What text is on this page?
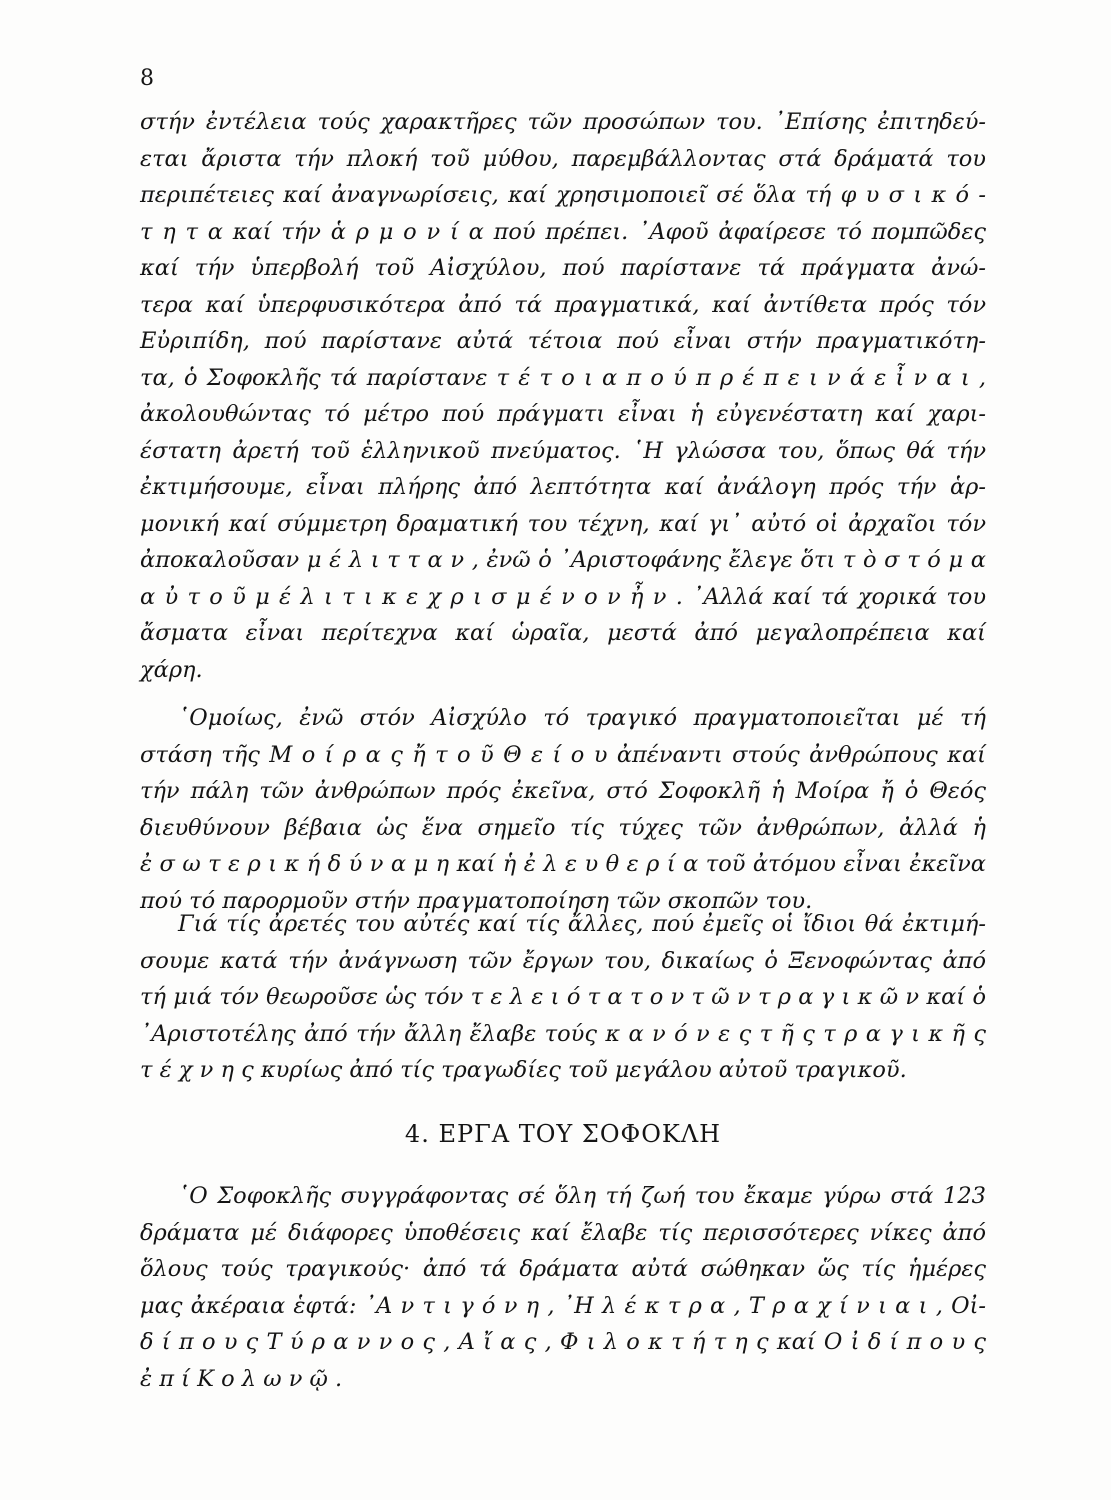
8
στήν ἐντέλεια τούς χαρακτῆρες τῶν προσώπων του. ᾿Επίσης ἐπιτηδεύ-
εται ἄριστα τήν πλοκή τοῦ μύθου, παρεμβάλλοντας στά δράματά του
περιπέτειες καί ἀναγνωρίσεις, καί χρησιμοποιεῖ σέ ὅλα τή φ υ σ ι κ ό -
τ η τ α καί τήν ἁ ρ μ ο ν ί α πού πρέπει. ᾿Αφοῦ ἀφαίρεσε τό πομπῶδες
καί τήν ὑπερβολή τοῦ Αἰσχύλου, πού παρίστανε τά πράγματα ἀνώ-
τερα καί ὑπερφυσικότερα ἀπό τά πραγματικά, καί ἀντίθετα πρός τόν
Εὐριπίδη, πού παρίστανε αὐτά τέτοια πού εἶναι στήν πραγματικότη-
τα, ὁ Σοφοκλῆς τά παρίστανε τ έ τ ο ι α π ο ύ π ρ έ π ε ι ν ά ε ἶ ν α ι ,
ἀκολουθώντας τό μέτρο πού πράγματι εἶναι ἡ εὐγενέστατη καί χαρι-
έστατη ἀρετή τοῦ ἑλληνικοῦ πνεύματος. ῾Η γλώσσα του, ὅπως θά τήν
ἐκτιμήσουμε, εἶναι πλήρης ἀπό λεπτότητα καί ἀνάλογη πρός τήν ἁρ-
μονική καί σύμμετρη δραματική του τέχνη, καί γι᾿ αὐτό οἱ ἀρχαῖοι τόν
ἀποκαλοῦσαν μ έ λ ι τ τ α ν , ἐνῶ ὁ ᾿Αριστοφάνης ἔλεγε ὅτι τ ὸ σ τ ό μ α
α ὐ τ ο ῦ μ έ λ ι τ ι κ ε χ ρ ι σ μ έ ν ο ν ἦ ν . ᾿Αλλά καί τά χορικά του
ἄσματα εἶναι περίτεχνα καί ὡραῖα, μεστά ἀπό μεγαλοπρέπεια καί
χάρη.
῾Ομοίως, ἐνῶ στόν Αἰσχύλο τό τραγικό πραγματοποιεῖται μέ τή
στάση τῆς Μ ο ί ρ α ς ἤ τ ο ῦ Θ ε ί ο υ ἀπέναντι στούς ἀνθρώπους καί
τήν πάλη τῶν ἀνθρώπων πρός ἐκεῖνα, στό Σοφοκλῆ ἡ Μοίρα ἤ ὁ Θεός
διευθύνουν βέβαια ὡς ἕνα σημεῖο τίς τύχες τῶν ἀνθρώπων, ἀλλά ἡ
ἐ σ ω τ ε ρ ι κ ή δ ύ ν α μ η καί ἡ ἐ λ ε υ θ ε ρ ί α τοῦ ἀτόμου εἶναι ἐκεῖνα
πού τό παρορμοῦν στήν πραγματοποίηση τῶν σκοπῶν του.
Γιά τίς ἀρετές του αὐτές καί τίς ἄλλες, πού ἐμεῖς οἱ ἴδιοι θά ἐκτιμή-
σουμε κατά τήν ἀνάγνωση τῶν ἔργων του, δικαίως ὁ Ξενοφώντας ἀπό
τή μιά τόν θεωροῦσε ὡς τόν τ ε λ ε ι ό τ α τ ο ν τ ῶ ν τ ρ α γ ι κ ῶ ν καί ὁ
᾿Αριστοτέλης ἀπό τήν ἄλλη ἔλαβε τούς κ α ν ό ν ε ς τ ῆ ς τ ρ α γ ι κ ῆ ς
τ έ χ ν η ς κυρίως ἀπό τίς τραγωδίες τοῦ μεγάλου αὐτοῦ τραγικοῦ.
4. ΕΡΓΑ ΤΟΥ ΣΟΦΟΚΛΗ
῾Ο Σοφοκλῆς συγγράφοντας σέ ὅλη τή ζωή του ἔκαμε γύρω στά 123
δράματα μέ διάφορες ὑποθέσεις καί ἔλαβε τίς περισσότερες νίκες ἀπό
ὅλους τούς τραγικούς· ἀπό τά δράματα αὐτά σώθηκαν ὥς τίς ἡμέρες
μας ἀκέραια ἑφτά: ᾿Α ν τ ι γ ό ν η , ᾿Η λ έ κ τ ρ α , Τ ρ α χ ί ν ι α ι , Οἰ-
δ ί π ο υ ς Τ ύ ρ α ν ν ο ς , Α ἴ α ς , Φ ι λ ο κ τ ή τ η ς καί Ο ἰ δ ί π ο υ ς
ἐ π ί Κ ο λ ω ν ῷ .
